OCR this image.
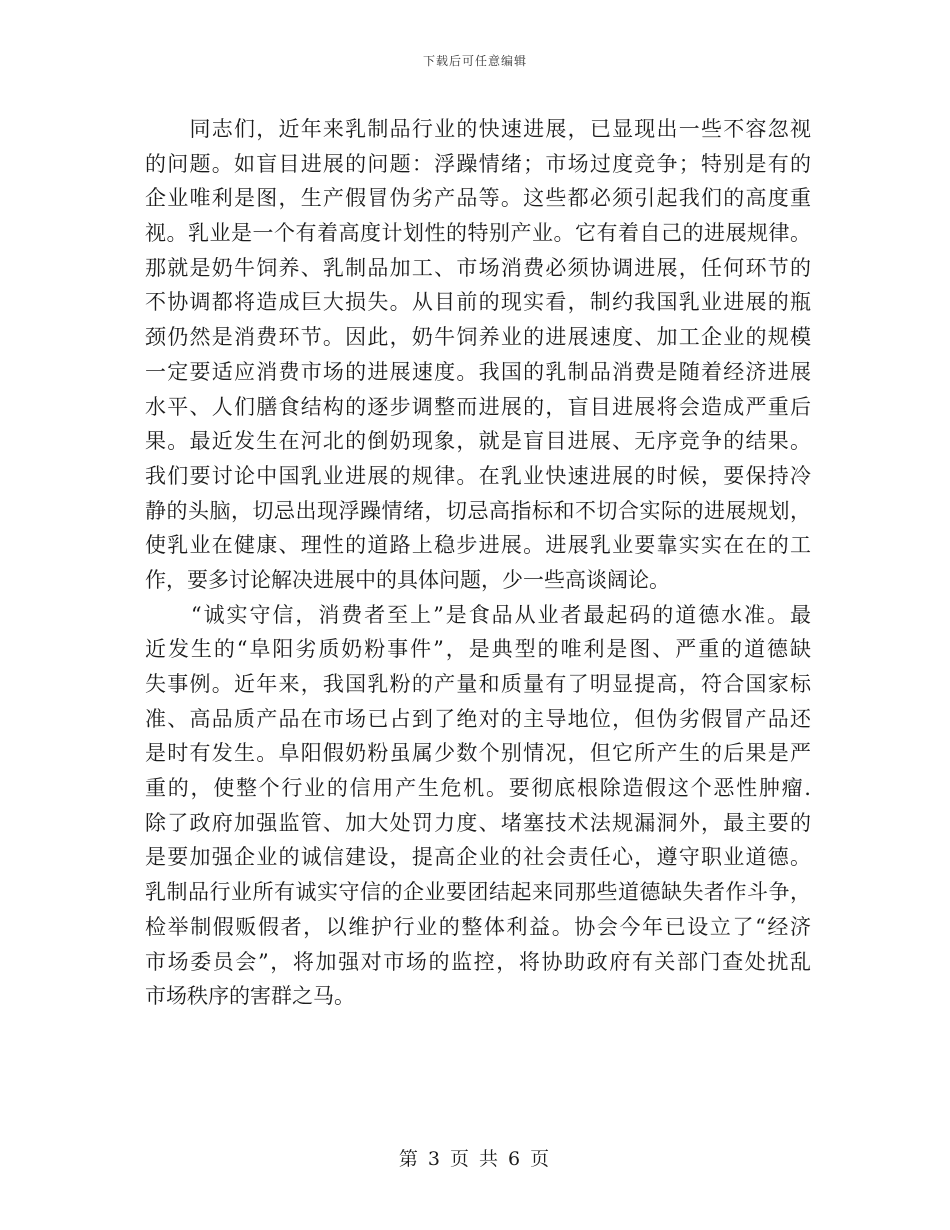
下载后可任意编辑
　　同志们，近年来乳制品行业的快速进展，已显现出一些不容忽视
的问题。如盲目进展的问题：浮躁情绪；市场过度竞争；特别是有的
企业唯利是图，生产假冒伪劣产品等。这些都必须引起我们的高度重
视。乳业是一个有着高度计划性的特别产业。它有着自己的进展规律。
那就是奶牛饲养、乳制品加工、市场消费必须协调进展，任何环节的
不协调都将造成巨大损失。从目前的现实看，制约我国乳业进展的瓶
颈仍然是消费环节。因此，奶牛饲养业的进展速度、加工企业的规模
一定要适应消费市场的进展速度。我国的乳制品消费是随着经济进展
水平、人们膳食结构的逐步调整而进展的，盲目进展将会造成严重后
果。最近发生在河北的倒奶现象，就是盲目进展、无序竞争的结果。
我们要讨论中国乳业进展的规律。在乳业快速进展的时候，要保持冷
静的头脑，切忌出现浮躁情绪，切忌高指标和不切合实际的进展规划，
使乳业在健康、理性的道路上稳步进展。进展乳业要靠实实在在的工
作，要多讨论解决进展中的具体问题，少一些高谈阔论。
　　“诚实守信，消费者至上”是食品从业者最起码的道德水准。最
近发生的“阜阳劣质奶粉事件”，是典型的唯利是图、严重的道德缺
失事例。近年来，我国乳粉的产量和质量有了明显提高，符合国家标
准、高品质产品在市场已占到了绝对的主导地位，但伪劣假冒产品还
是时有发生。阜阳假奶粉虽属少数个别情况，但它所产生的后果是严
重的，使整个行业的信用产生危机。要彻底根除造假这个恶性肿瘤.
除了政府加强监管、加大处罚力度、堵塞技术法规漏洞外，最主要的
是要加强企业的诚信建设，提高企业的社会责任心，遵守职业道德。
乳制品行业所有诚实守信的企业要团结起来同那些道德缺失者作斗争，
检举制假贩假者，以维护行业的整体利益。协会今年已设立了“经济
市场委员会”，将加强对市场的监控，将协助政府有关部门查处扰乱
市场秩序的害群之马。
第 3 页 共 6 页
